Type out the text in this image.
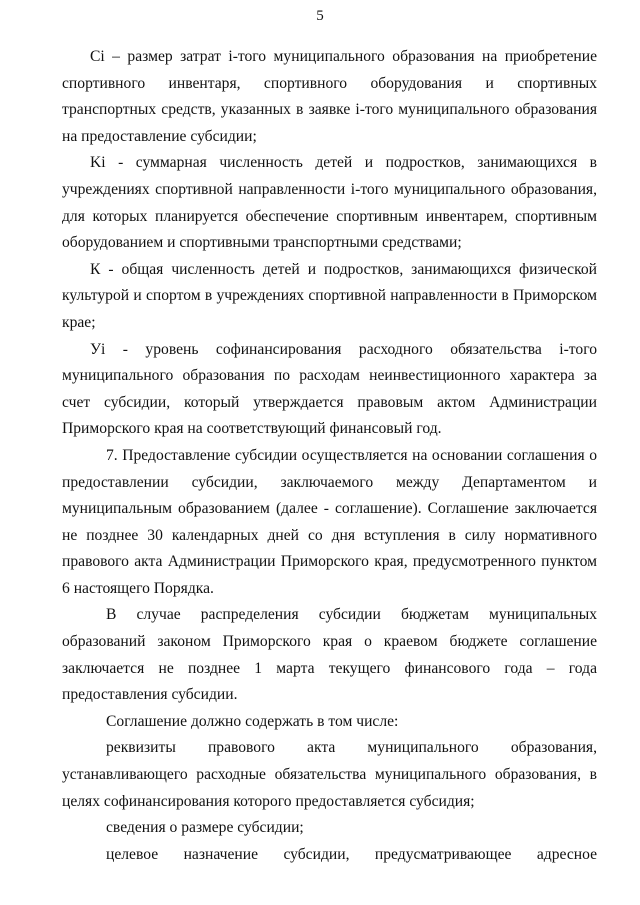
5

Ci – размер затрат i-того муниципального образования на приобретение спортивного инвентаря, спортивного оборудования и спортивных транспортных средств, указанных в заявке i-того муниципального образования на предоставление субсидии;

Ki - суммарная численность детей и подростков, занимающихся в учреждениях спортивной направленности i-того муниципального образования, для которых планируется обеспечение спортивным инвентарем, спортивным оборудованием и спортивными транспортными средствами;

К - общая численность детей и подростков, занимающихся физической культурой и спортом в учреждениях спортивной направленности в Приморском крае;

Уi - уровень софинансирования расходного обязательства i-того муниципального образования по расходам неинвестиционного характера за счет субсидии, который утверждается правовым актом Администрации Приморского края на соответствующий финансовый год.

7. Предоставление субсидии осуществляется на основании соглашения о предоставлении субсидии, заключаемого между Департаментом и муниципальным образованием (далее - соглашение). Соглашение заключается не позднее 30 календарных дней со дня вступления в силу нормативного правового акта Администрации Приморского края, предусмотренного пунктом 6 настоящего Порядка.

В случае распределения субсидии бюджетам муниципальных образований законом Приморского края о краевом бюджете соглашение заключается не позднее 1 марта текущего финансового года – года предоставления субсидии.

Соглашение должно содержать в том числе:

реквизиты правового акта муниципального образования, устанавливающего расходные обязательства муниципального образования, в целях софинансирования которого предоставляется субсидия;

сведения о размере субсидии;

целевое назначение субсидии, предусматривающее адресное
